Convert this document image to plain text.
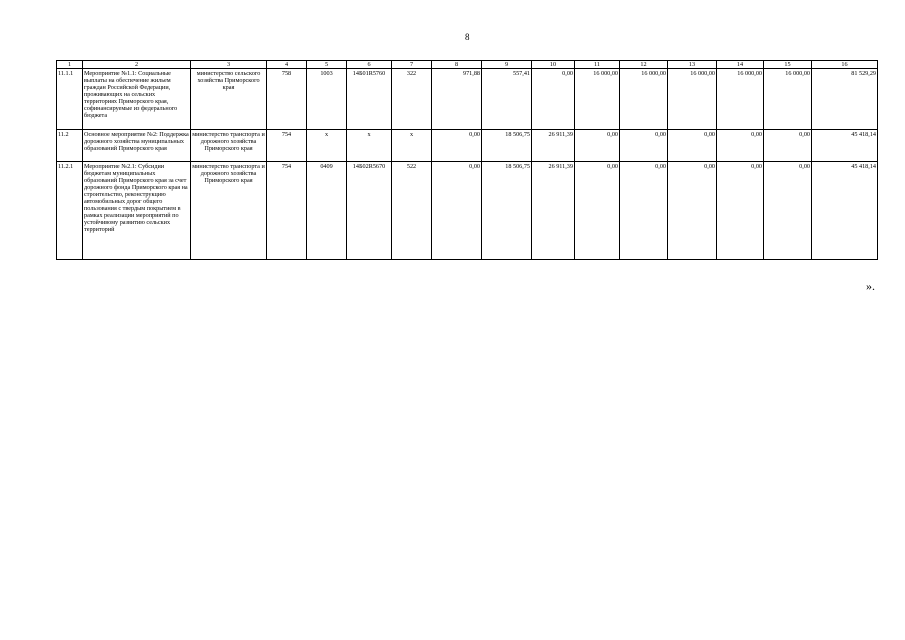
8
1	2	3	4	5	6	7	8	9	10	11	12	13	14	15	16
11.1.1	Мероприятие №1.1: Социальные выплаты на обеспечение жильем граждан Российской Федерации, проживающих на сельских территориях Приморского края, софинансируемые из федерального бюджета	министерство сельского хозяйства Приморского края	758	1003	14Б01R5760	322	971,88	557,41	0,00	16 000,00	16 000,00	16 000,00	16 000,00	16 000,00	81 529,29
11.2	Основное мероприятие №2: Поддержка дорожного хозяйства муниципальных образований Приморского края	министерство транспорта и дорожного хозяйства Приморского края	754	х	х	х	0,00	18 506,75	26 911,39	0,00	0,00	0,00	0,00	0,00	45 418,14
11.2.1	Мероприятие №2.1: Субсидии бюджетам муниципальных образований Приморского края за счет дорожного фонда Приморского края на строительство, реконструкцию автомобильных дорог общего пользования с твердым покрытием в рамках реализации мероприятий по устойчивому развитию сельских территорий	министерство транспорта и дорожного хозяйства Приморского края	754	0409	14Б02R5670	522	0,00	18 506,75	26 911,39	0,00	0,00	0,00	0,00	0,00	45 418,14
».
